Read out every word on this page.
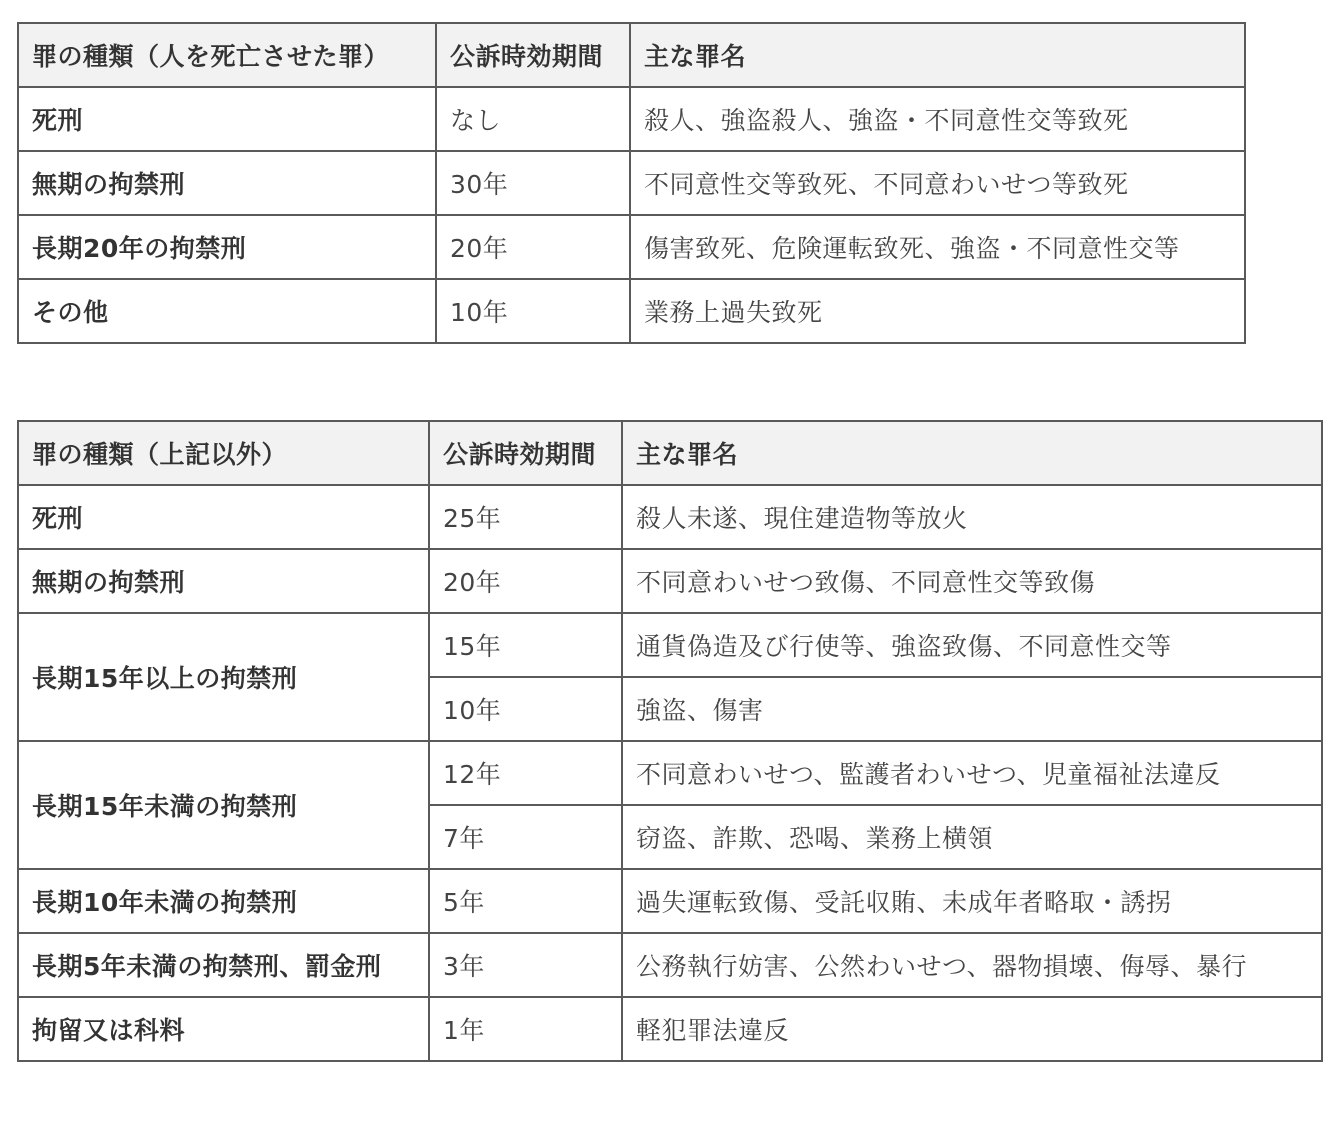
罪の種類（人を死亡させた罪）	公訴時効期間	主な罪名
死刑	なし	殺人、強盗殺人、強盗・不同意性交等致死
無期の拘禁刑	30年	不同意性交等致死、不同意わいせつ等致死
長期20年の拘禁刑	20年	傷害致死、危険運転致死、強盗・不同意性交等
その他	10年	業務上過失致死
罪の種類（上記以外）	公訴時効期間	主な罪名
死刑	25年	殺人未遂、現住建造物等放火
無期の拘禁刑	20年	不同意わいせつ致傷、不同意性交等致傷
長期15年以上の拘禁刑	15年	通貨偽造及び行使等、強盗致傷、不同意性交等
	10年	強盗、傷害
長期15年未満の拘禁刑	12年	不同意わいせつ、監護者わいせつ、児童福祉法違反
	7年	窃盗、詐欺、恐喝、業務上横領
長期10年未満の拘禁刑	5年	過失運転致傷、受託収賄、未成年者略取・誘拐
長期5年未満の拘禁刑、罰金刑	3年	公務執行妨害、公然わいせつ、器物損壊、侮辱、暴行
拘留又は科料	1年	軽犯罪法違反
